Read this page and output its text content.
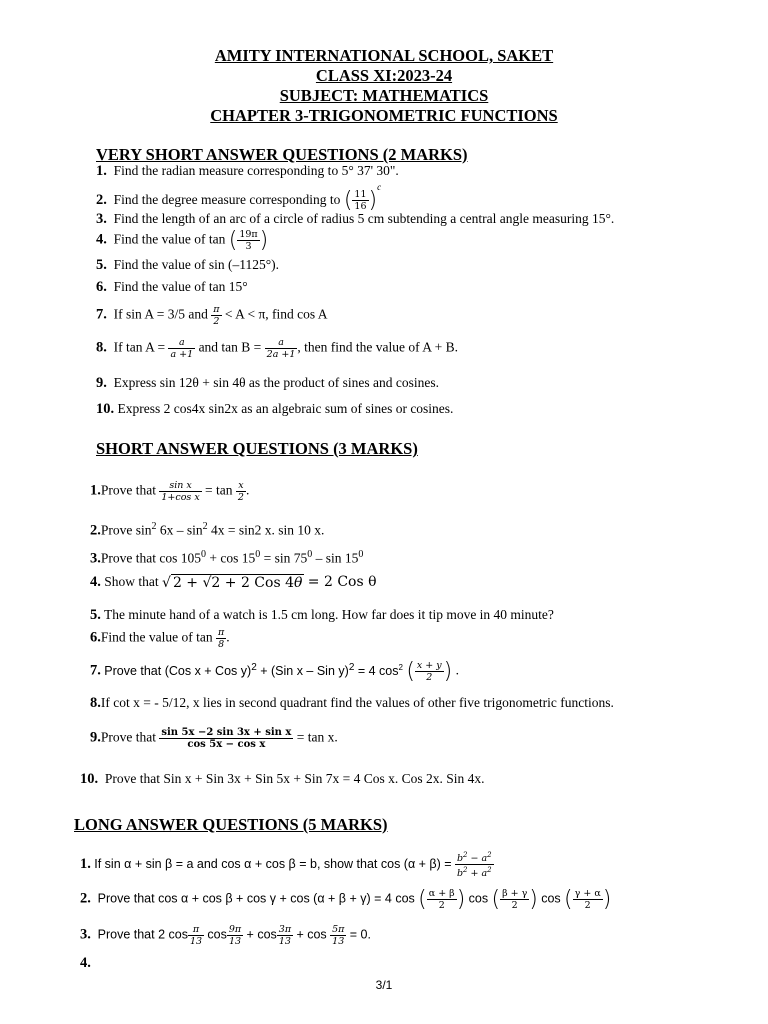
AMITY INTERNATIONAL SCHOOL, SAKET
CLASS XI:2023-24
SUBJECT: MATHEMATICS
CHAPTER 3-TRIGONOMETRIC FUNCTIONS
VERY SHORT ANSWER QUESTIONS (2 MARKS)
1. Find the radian measure corresponding to 5° 37' 30".
2. Find the degree measure corresponding to ( $\frac{11}{16} )^c$
3. Find the length of an arc of a circle of radius 5 cm subtending a central angle measuring 15°.
4. Find the value of tan ( $\frac{19\pi}{3}$ )
5. Find the value of sin (–1125°).
6. Find the value of tan 15°
7. If sin A = 3/5 and $\frac{\pi}{2} < A < \pi$, find cos A
8. If $\tan A = \frac{a}{a +1}$ and $\tan B = \frac{a}{2a +1}$ , then find the value of A + B.
9. Express sin 12θ + sin 4θ as the product of sines and cosines.
10. Express 2 cos4x sin2x as an algebraic sum of sines or cosines.
SHORT ANSWER QUESTIONS (3 MARKS)
1.Prove that $\frac{\text{sin x}}{\text{1+cos x}} = \tan \frac{x}{2}$ .
2.Prove $\sin^2 6x - \sin^2 4x = \sin 2$ x. sin 10 x.
3.Prove that $\cos 105^0 + \cos 15^0 = \sin 75^0 - \sin 15^0$
4. Show that √ 2 + √2 + 2 Cos 4θ = 2 Cos θ
5. The minute hand of a watch is 1.5 cm long. How far does it tip move in 40 minute?
6.Find the value of $\tan \frac{\pi}{8}$ .
7. Prove that (Cos x + Cos y)$^2$ + (Sin x – Sin y)$^2$ = 4 $\cos^2$ ( $\frac{x + y}{2}$ ) .
8.If cot x = - 5/12, x lies in second quadrant find the values of other five trigonometric functions.
9.Prove that $\frac{\text{sin 5x −2 sin 3x + sin x}}{\text{cos 5x − cos x}} = \tan x$.
10. Prove that Sin x + Sin 3x + Sin 5x + Sin 7x = 4 Cos x. Cos 2x. Sin 4x.
LONG ANSWER QUESTIONS (5 MARKS)
1. If sin α + sin β = a and cos α + cos β = b, show that $\cos (\alpha + \beta) = \frac{b^2 - a^2}{b^2 + a^2}$
2. Prove that cos α + cos β + cos γ + cos (α + β + γ) = 4 cos ( $\frac{\alpha + \beta}{2}$ ) cos ( $\frac{\beta + \gamma}{2}$ ) cos ( $\frac{\gamma + \alpha}{2}$ )
3. Prove that 2 $\cos \frac{\pi}{13}$ $\cos \frac{9\pi}{13} + \cos \frac{3\pi}{13} + \cos \frac{5\pi}{13} = 0$.
4.
3/1
